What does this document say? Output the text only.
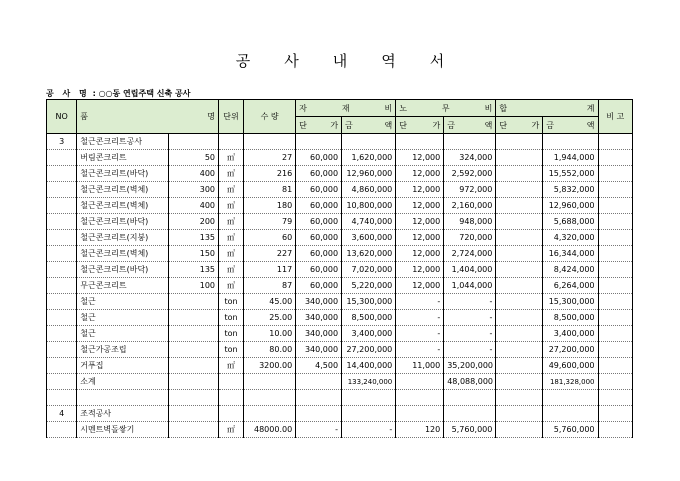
공사내역서
공 사 명 : ○○동 연립주택 신축 공사
NO	품 명		단위	수 량	자 재 비		노 무 비		합 계		비 고
					단 가	금 액	단 가	금 액	단 가	금 액	
3	철근콘크리트공사										
	버림콘크리트	50	㎥	27	60,000	1,620,000	12,000	324,000		1,944,000	
	철근콘크리트(바닥)	400	㎥	216	60,000	12,960,000	12,000	2,592,000		15,552,000	
	철근콘크리트(벽체)	300	㎥	81	60,000	4,860,000	12,000	972,000		5,832,000	
	철근콘크리트(벽체)	400	㎥	180	60,000	10,800,000	12,000	2,160,000		12,960,000	
	철근콘크리트(바닥)	200	㎥	79	60,000	4,740,000	12,000	948,000		5,688,000	
	철근콘크리트(지붕)	135	㎥	60	60,000	3,600,000	12,000	720,000		4,320,000	
	철근콘크리트(벽체)	150	㎥	227	60,000	13,620,000	12,000	2,724,000		16,344,000	
	철근콘크리트(바닥)	135	㎥	117	60,000	7,020,000	12,000	1,404,000		8,424,000	
	무근콘크리트	100	㎥	87	60,000	5,220,000	12,000	1,044,000		6,264,000	
	철근		ton	45.00	340,000	15,300,000	-	-		15,300,000	
	철근		ton	25.00	340,000	8,500,000	-	-		8,500,000	
	철근		ton	10.00	340,000	3,400,000	-	-		3,400,000	
	철근가공조립		ton	80.00	340,000	27,200,000	-	-		27,200,000	
	거푸집		㎡	3200.00	4,500	14,400,000	11,000	35,200,000		49,600,000	
	소계					133,240,000		48,088,000		181,328,000	

4	조적공사										
	시멘트벽돌쌓기		㎡	48000.00	-	-	120	5,760,000		5,760,000	
